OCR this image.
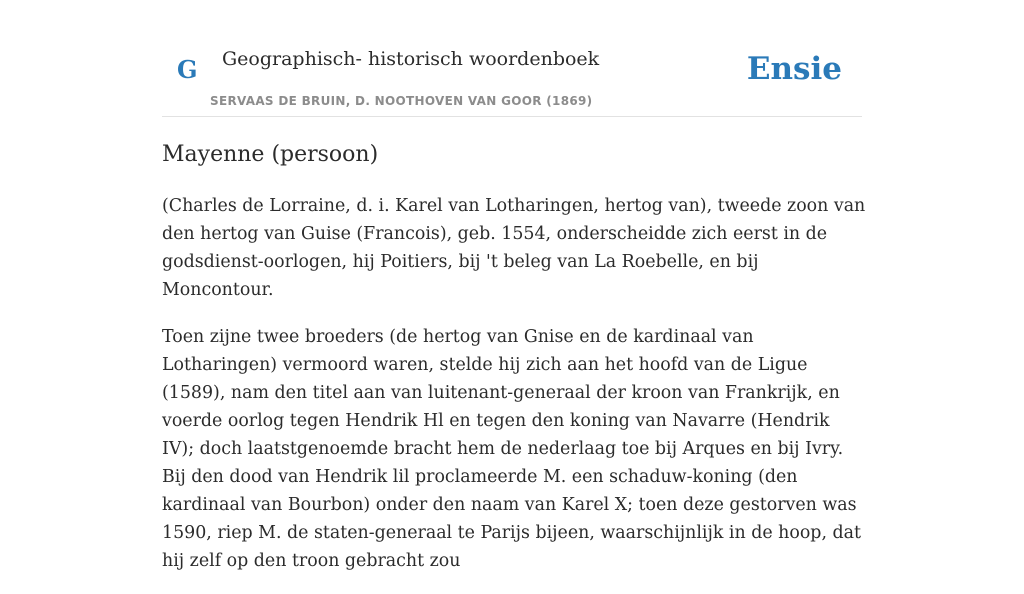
G Geographisch- historisch woordenboek
SERVAAS DE BRUIN, D. NOOTHOVEN VAN GOOR (1869)
Ensie
Mayenne (persoon)

(Charles de Lorraine, d. i. Karel van Lotharingen, hertog van), tweede zoon van den hertog van Guise (Francois), geb. 1554, onderscheidde zich eerst in de godsdienst-oorlogen, hij Poitiers, bij 't beleg van La Roebelle, en bij Moncontour.

Toen zijne twee broeders (de hertog van Gnise en de kardinaal van Lotharingen) vermoord waren, stelde hij zich aan het hoofd van de Ligue (1589), nam den titel aan van luitenant-generaal der kroon van Frankrijk, en voerde oorlog tegen Hendrik Hl en tegen den koning van Navarre (Hendrik IV); doch laatstgenoemde bracht hem de nederlaag toe bij Arques en bij Ivry. Bij den dood van Hendrik lil proclameerde M. een schaduw-koning (den kardinaal van Bourbon) onder den naam van Karel X; toen deze gestorven was 1590, riep M. de staten-generaal te Parijs bijeen, waarschijnlijk in de hoop, dat hij zelf op den troon gebracht zou
